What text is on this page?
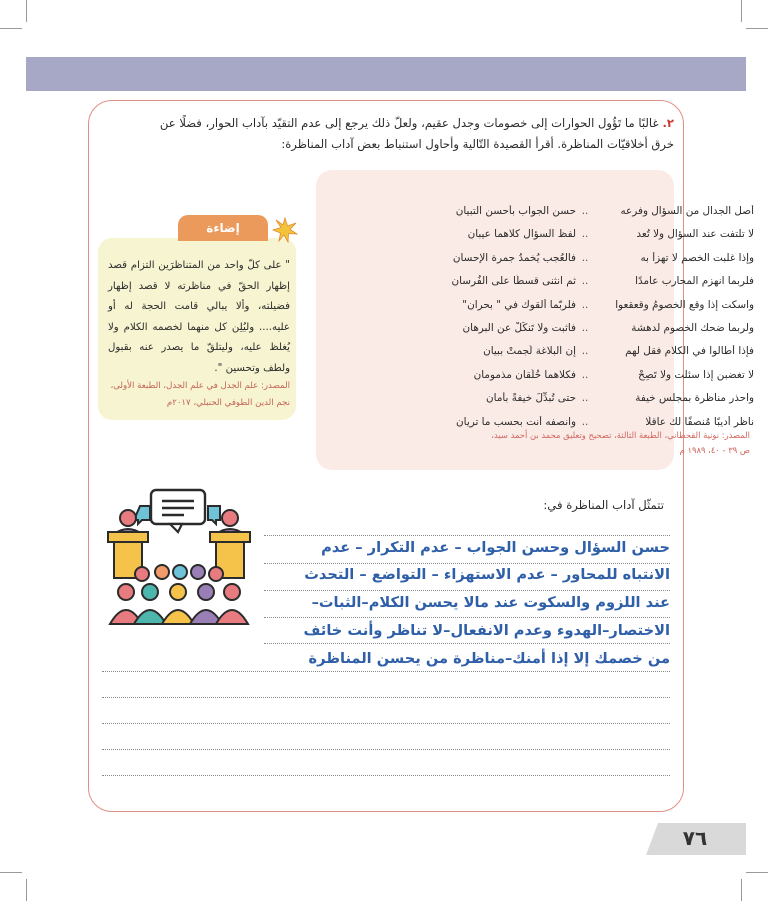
٢.غالبًا ما تَؤُول الحوارات إلى خصومات وجدل عقيم، ولعلّ ذلك يرجع إلى عدم التقيّد بآداب الحوار، فضلًا عن
خرق أخلاقيّات المناظرة. أقرأ القصيدة التّالية وأحاول استنباط بعض آداب المناظرة:
أصل الجدال من السؤال وفرعه
..
حسن الجواب بأحسن التبيانِ
لا تلتفت عند السؤال ولا تُعد
..
لفظ السؤال كلاهما عيبانِ
وإذا غلبت الخصم لا تهزأ به
..
فالعُجب يُخمدُ جمرة الإحسانِ
فلربما انهزم المحارب عامدًا
..
ثم انثنى قسطًا على الفُرسانِ
واسكت إذا وقع الخصومُ وقعقعوا
..
فلربّما ألقوك في " بحرانِ"
ولربما ضحك الخصوم لدهشة
..
فاثبت ولا تَنكَلْ عن البرهانِ
فإذا أطالوا في الكلام فقل لهم
..
إن البلاغة لُجمتْ ببيانِ
لا تغضبن إذا سئلت ولا تَصِحْ
..
فكلاهما خُلُقان مذمومانِ
واحذر مناظرة بمجلس خيفة
..
حتى تُبدِّلَ خيفةً بأمانِ
ناظر أديبًا مُنصفًا لك عاقلًا
..
وانصفه أنت بحسب ما تريانِ
المصدر: نونية القحطاني، الطبعة الثالثة، تصحيح وتعليق محمد بن أحمد سيد،
ص ٣٩ - ٤٠، ١٩٨٩ م
إضاءة
" على كلّ واحد من المتناظرَين التزام قصد إظهار الحقّ في مناظرته لا قصد إظهار فضيلته، وألا يبالي قامت الحجة له أو عليه.... وليُلِن كل منهما لخصمه الكلام ولا يُغلظ عليه، وليتلقّ ما يصدر عنه بقبول ولطف وتحسين ".
المصدر: علم الجدل في علم الجدل، الطبعة الأولى، نجم الدين الطوفي الحنبلي، ٢٠١٧م
تتمثّل آداب المناظرة في:
حسن السؤال وحسن الجواب – عدم التكرار – عدم
الانتباه للمحاور – عدم الاستهزاء – التواضع – التحدث
عند اللزوم والسكوت عند مالا يحسن الكلام–الثبات–
الاختصار–الهدوء وعدم الانفعال–لا تناظر وأنت خائف
من خصمك إلا إذا أمنك–مناظرة من يحسن المناظرة
٧٦
